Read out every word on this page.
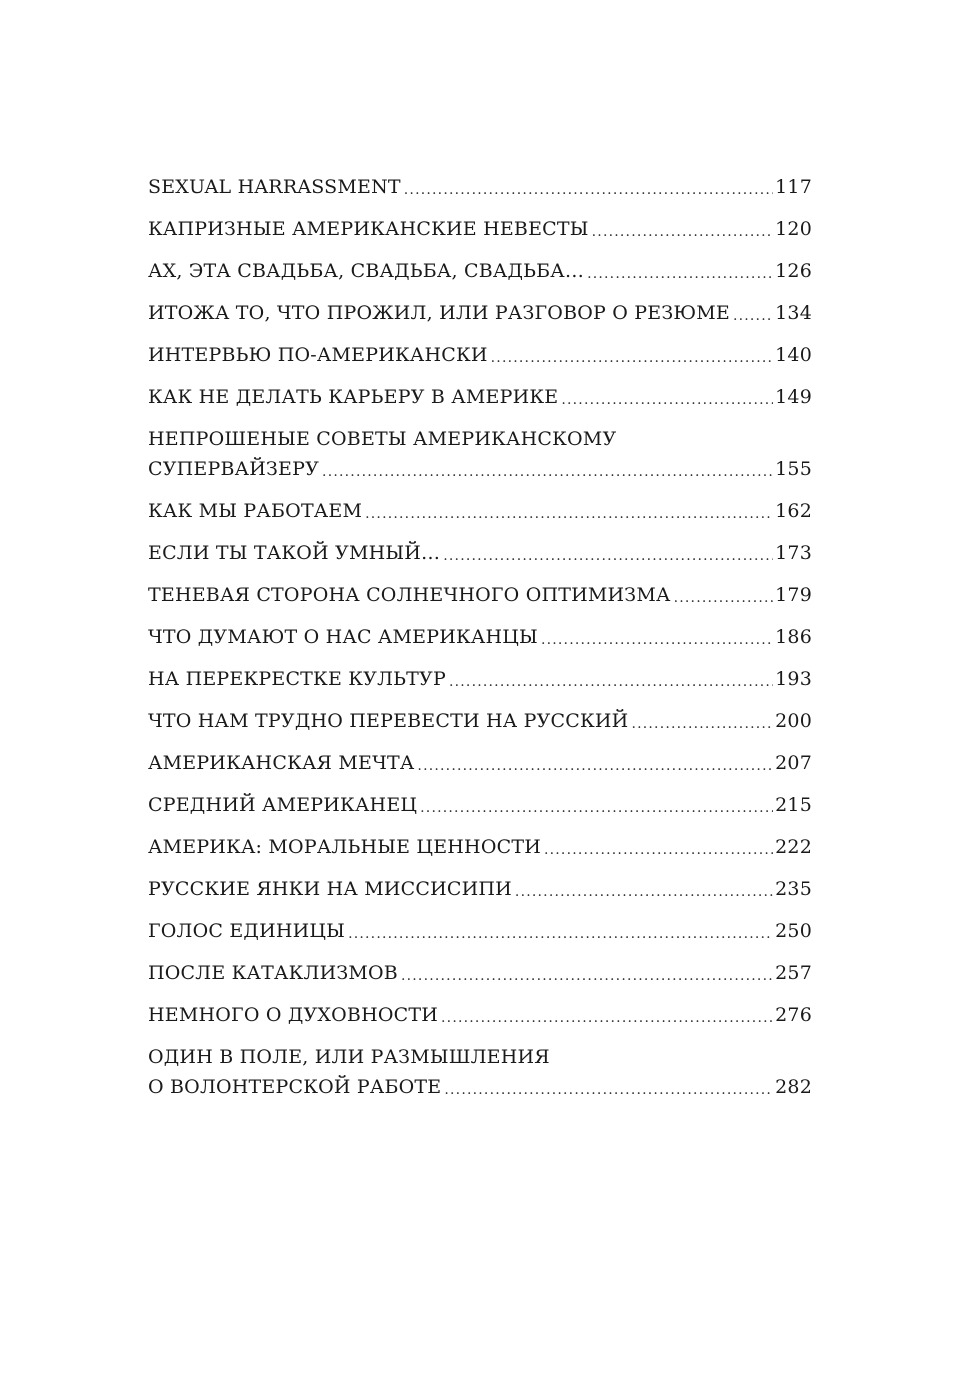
SEXUAL HARRASSMENT .....	117
КАПРИЗНЫЕ АМЕРИКАНСКИЕ НЕВЕСТЫ .....	120
АХ, ЭТА СВАДЬБА, СВАДЬБА, СВАДЬБА… .....	126
ИТОЖА ТО, ЧТО ПРОЖИЛ, ИЛИ РАЗГОВОР О РЕЗЮМЕ ..... 134
ИНТЕРВЬЮ ПО-АМЕРИКАНСКИ .....	140
КАК НЕ ДЕЛАТЬ КАРЬЕРУ В АМЕРИКЕ .....	149
НЕПРОШЕНЫЕ СОВЕТЫ АМЕРИКАНСКОМУ
СУПЕРВАЙЗЕРУ .....	155
КАК МЫ РАБОТАЕМ .....	162
ЕСЛИ ТЫ ТАКОЙ УМНЫЙ… .....	173
ТЕНЕВАЯ СТОРОНА СОЛНЕЧНОГО ОПТИМИЗМА .....	179
ЧТО ДУМАЮТ О НАС АМЕРИКАНЦЫ .....	186
НА ПЕРЕКРЕСТКЕ КУЛЬТУР .....	193
ЧТО НАМ ТРУДНО ПЕРЕВЕСТИ НА РУССКИЙ .....	200
АМЕРИКАНСКАЯ МЕЧТА .....	207
СРЕДНИЙ АМЕРИКАНЕЦ .....	215
АМЕРИКА: МОРАЛЬНЫЕ ЦЕННОСТИ .....	222
РУССКИЕ ЯНКИ НА МИССИСИПИ .....	235
ГОЛОС ЕДИНИЦЫ .....	250
ПОСЛЕ КАТАКЛИЗМОВ .....	257
НЕМНОГО О ДУХОВНОСТИ .....	276
ОДИН В ПОЛЕ, ИЛИ РАЗМЫШЛЕНИЯ
О ВОЛОНТЕРСКОЙ РАБОТЕ .....	282
